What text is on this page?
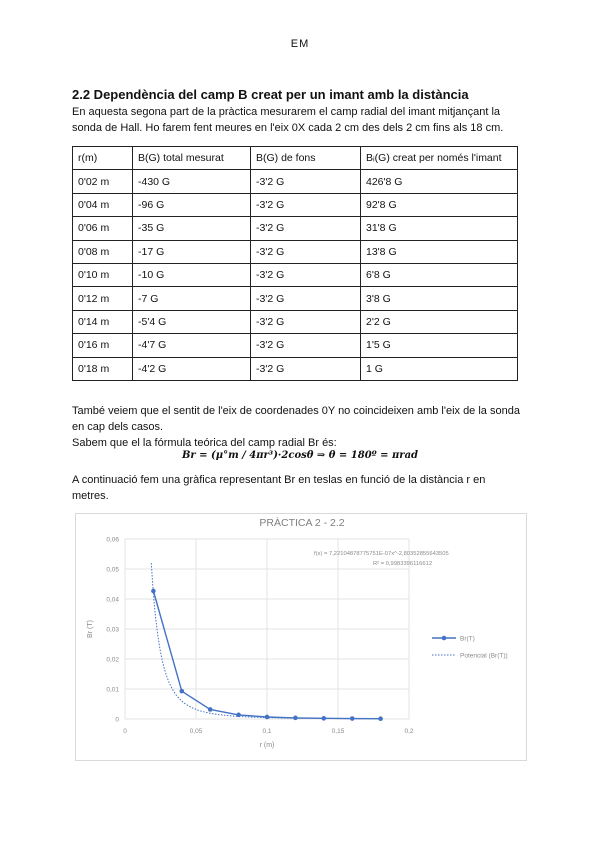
EM
2.2 Dependència del camp B creat per un imant amb la distància
En aquesta segona part de la pràctica mesurarem el camp radial del imant mitjançant la
sonda de Hall. Ho farem fent meures en l'eix 0X cada 2 cm des dels 2 cm fins als 18 cm.
r(m)	B(G) total mesurat	B(G) de fons	Bᵢ(G) creat per només l'imant
0'02 m	-430 G	-3'2 G	426'8 G
0'04 m	-96 G	-3'2 G	92'8 G
0'06 m	-35 G	-3'2 G	31'8 G
0'08 m	-17 G	-3'2 G	13'8 G
0'10 m	-10 G	-3'2 G	6'8 G
0'12 m	-7 G	-3'2 G	3'8 G
0'14 m	-5'4 G	-3'2 G	2'2 G
0'16 m	-4'7 G	-3'2 G	1'5 G
0'18 m	-4'2 G	-3'2 G	1 G
També veiem que el sentit de l'eix de coordenades 0Y no coincideixen amb l'eix de la sonda
en cap dels casos.
Sabem que el la fórmula teórica del camp radial Br és:
Br = (μ°m / 4πr³)·2cosθ ⇒ θ = 180º = πrad
A continuació fem una gràfica representant Br en teslas en funció de la distància r en
metres.
0
0,01
0,02
0,03
0,04
0,05
0,06
0	0,05	0,1	0,15	0,2
PRÀCTICA 2 - 2.2
r (m)
Br (T)
f(x) = 7,22104878775751E-07x^-2,80352855643505
R² = 0,9983396116612
Br(T)
Potencial (Br(T))
